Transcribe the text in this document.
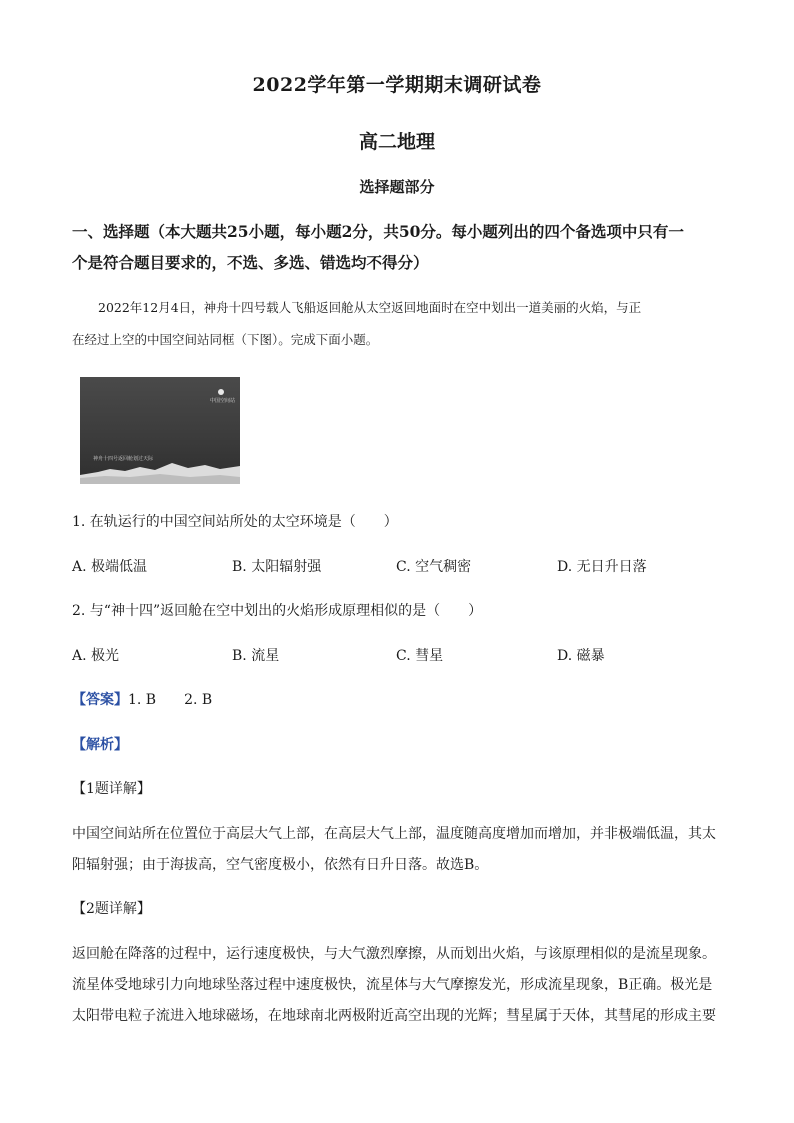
2022学年第一学期期末调研试卷
高二地理
选择题部分
一、选择题（本大题共25小题，每小题2分，共50分。每小题列出的四个备选项中只有一
个是符合题目要求的，不选、多选、错选均不得分）
2022年12月4日，神舟十四号载人飞船返回舱从太空返回地面时在空中划出一道美丽的火焰，与正
在经过上空的中国空间站同框（下图）。完成下面小题。
中国空间站
神舟十四号返回舱划过天际
1. 在轨运行的中国空间站所处的太空环境是（　　）
A. 极端低温	B. 太阳辐射强	C. 空气稠密	D. 无日升日落
2. 与“神十四”返回舱在空中划出的火焰形成原理相似的是（　　）
A. 极光	B. 流星	C. 彗星	D. 磁暴
【答案】1. B　　2. B
【解析】
【1题详解】
中国空间站所在位置位于高层大气上部，在高层大气上部，温度随高度增加而增加，并非极端低温，其太
阳辐射强；由于海拔高，空气密度极小，依然有日升日落。故选B。
【2题详解】
返回舱在降落的过程中，运行速度极快，与大气激烈摩擦，从而划出火焰，与该原理相似的是流星现象。
流星体受地球引力向地球坠落过程中速度极快，流星体与大气摩擦发光，形成流星现象，B正确。极光是
太阳带电粒子流进入地球磁场，在地球南北两极附近高空出现的光辉；彗星属于天体，其彗尾的形成主要
